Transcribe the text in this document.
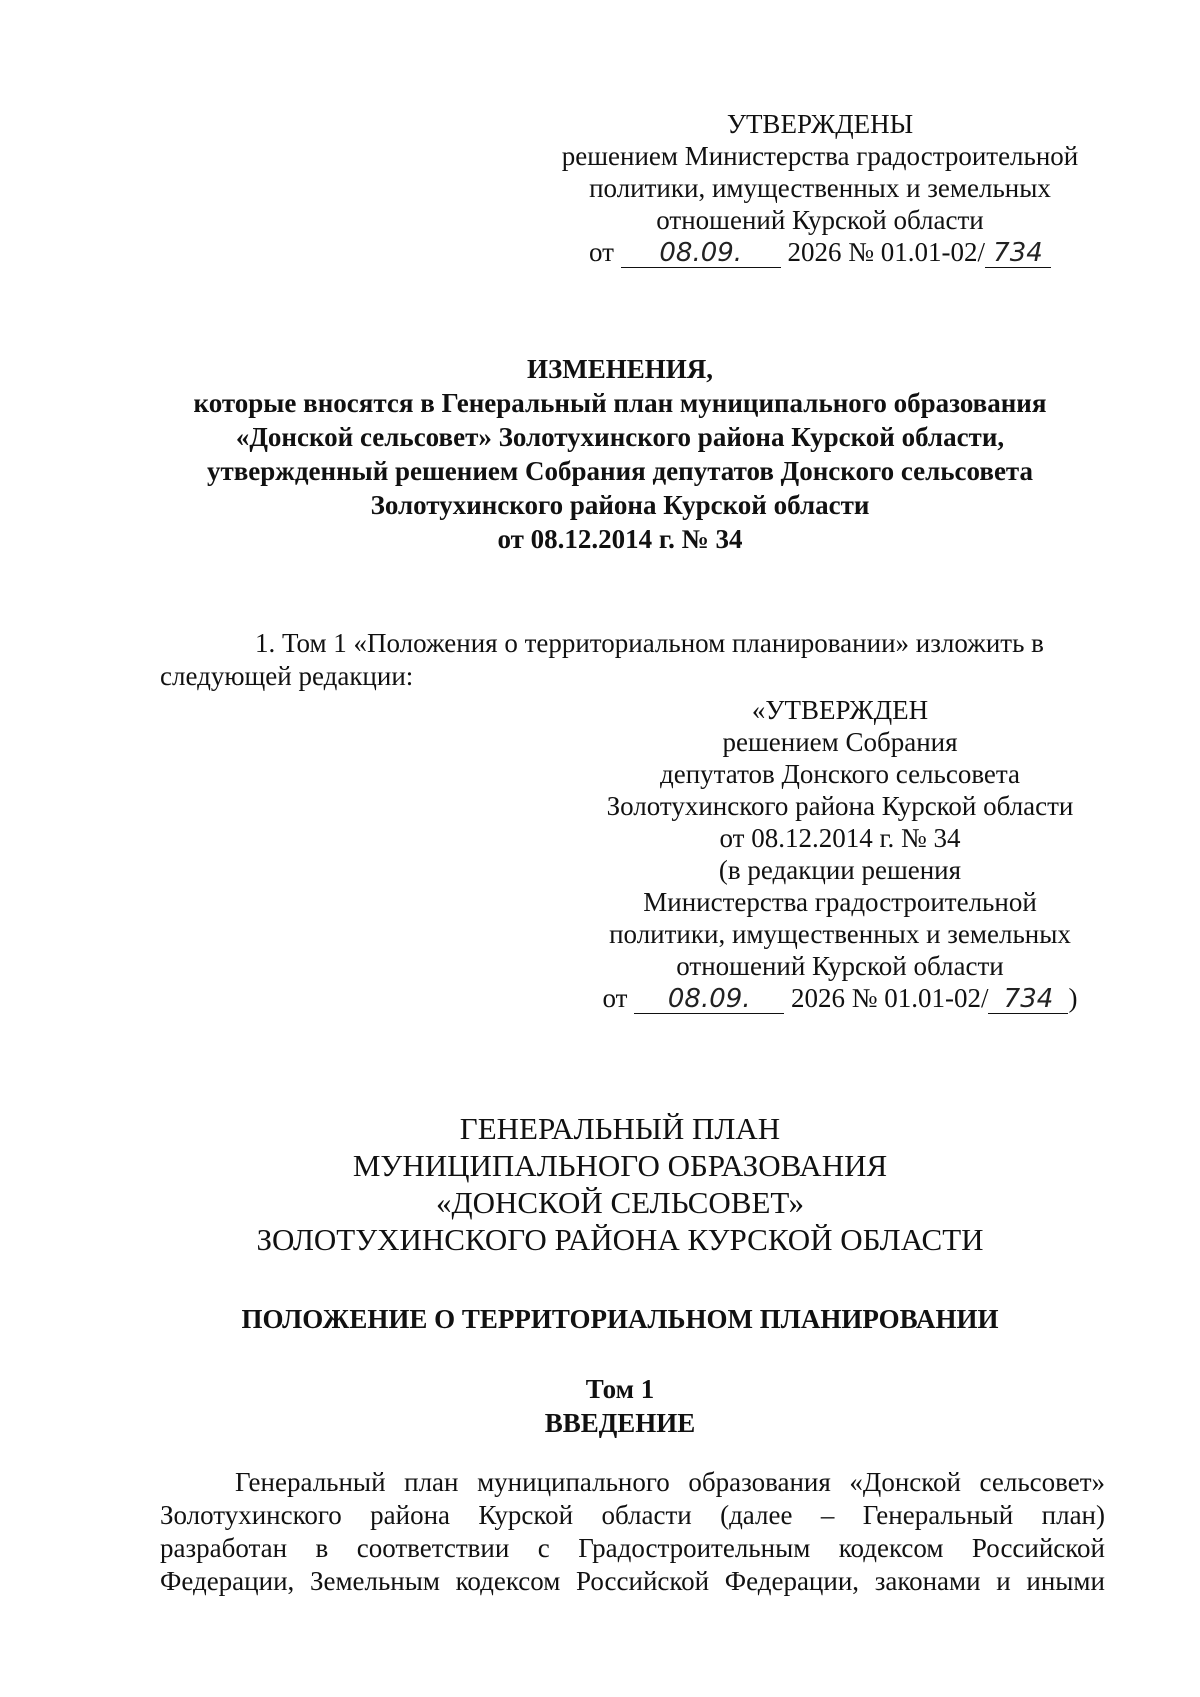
УТВЕРЖДЕНЫ
решением Министерства градостроительной
политики, имущественных и земельных
отношений Курской области
от 08.09. 2026 № 01.01-02/ 734
ИЗМЕНЕНИЯ,
которые вносятся в Генеральный план муниципального образования
«Донской сельсовет» Золотухинского района Курской области,
утвержденный решением Собрания депутатов Донского сельсовета
Золотухинского района Курской области
от 08.12.2014 г. № 34
1. Том 1 «Положения о территориальном планировании» изложить в
следующей редакции:
«УТВЕРЖДЕН
решением Собрания
депутатов Донского сельсовета
Золотухинского района Курской области
от 08.12.2014 г. № 34
(в редакции решения
Министерства градостроительной
политики, имущественных и земельных
отношений Курской области
от 08.09. 2026 № 01.01-02/ 734 )
ГЕНЕРАЛЬНЫЙ ПЛАН
МУНИЦИПАЛЬНОГО ОБРАЗОВАНИЯ
«ДОНСКОЙ СЕЛЬСОВЕТ»
ЗОЛОТУХИНСКОГО РАЙОНА КУРСКОЙ ОБЛАСТИ
ПОЛОЖЕНИЕ О ТЕРРИТОРИАЛЬНОМ ПЛАНИРОВАНИИ
Том 1
ВВЕДЕНИЕ
Генеральный план муниципального образования «Донской сельсовет»
Золотухинского района Курской области (далее – Генеральный план)
разработан в соответствии с Градостроительным кодексом Российской
Федерации, Земельным кодексом Российской Федерации, законами и иными
